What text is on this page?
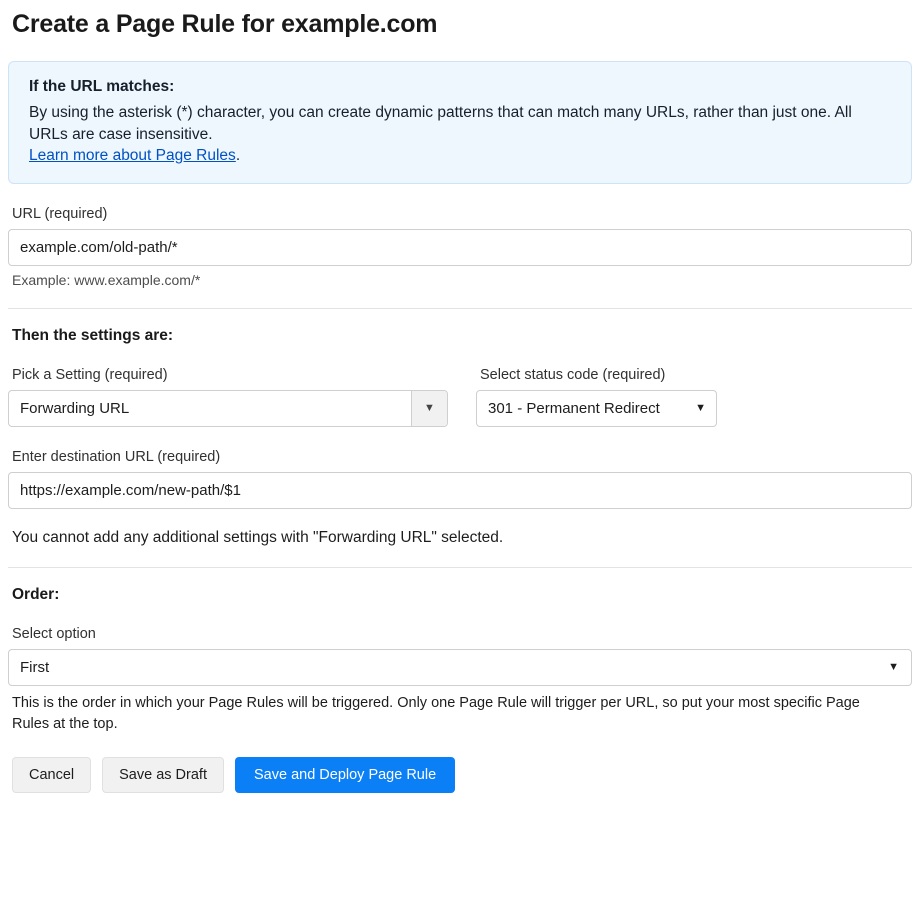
Create a Page Rule for example.com
If the URL matches:
By using the asterisk (*) character, you can create dynamic patterns that can match many URLs, rather than just one. All URLs are case insensitive.
Learn more about Page Rules.
URL (required)
example.com/old-path/*
Example: www.example.com/*
Then the settings are:
Pick a Setting (required)
Forwarding URL	▼
Select status code (required)
301 - Permanent Redirect	▼
Enter destination URL (required)
https://example.com/new-path/$1
You cannot add any additional settings with "Forwarding URL" selected.
Order:
Select option
First	▼
This is the order in which your Page Rules will be triggered. Only one Page Rule will trigger per URL, so put your most specific Page Rules at the top.
Cancel	Save as Draft	Save and Deploy Page Rule
